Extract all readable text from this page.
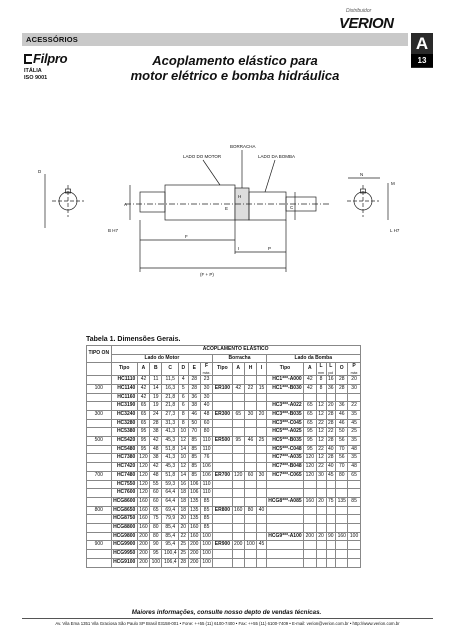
Distribuidor
VERION
ACESSÓRIOS	A
13
Filpro
ITÁLIA
ISO 9001
Acoplamento elástico para
motor elétrico e bomba hidráulica
BORRACHA
LADO DO MOTOR	LADO DA BOMBA
D
B H7
A
F
H
E	C
I	P
(F + P)
N
M
L H7
Tabela 1. Dimensões Gerais.
TIPO ON	ACOPLAMENTO ELÁSTICO																
	Lado do Motor							Borracha				Lado da Bomba					
	Tipo	A	B	C	D	E	F
máx.	Tipo	A	H	I	Tipo	A	L
mm	L
pol	O	P
máx

	HC1110	42	11	11,5	4	28	23					HC1***-A000	42	8	16	28	20
100	HC1140	42	14	16,3	5	28	30	ER100	42	22	15	HC1***-B030	42	8	36	28	30
	HC1160	42	19	21,8	6	36	30										
	HC3190	65	19	21,8	6	38	40					HC3***-A022	65	12	20	36	22
300	HC3240	65	24	27,3	8	46	48	ER300	65	30	20	HC3***-B035	65	12	28	46	35
	HC3280	65	28	31,3	8	50	60					HC3***-C045	65	22	28	46	45
	HC5380	95	38	41,3	10	70	80					HC5***-A025	95	12	22	50	25
500	HC5420	95	42	45,3	12	85	110	ER500	95	46	25	HC5***-B035	95	12	28	56	35
	HC5480	95	48	51,8	14	85	110					HC5***-C048	95	22	40	70	48
	HC7380	120	38	41,3	10	85	76					HC7***-A035	120	12	28	56	35
	HC7420	120	42	45,3	12	85	106					HC7***-B048	120	22	40	70	48
700	HC7480	120	48	51,8	14	85	106	ER700	120	60	30	HC7***-C065	120	30	45	80	65
	HC7550	120	55	59,3	16	106	110										
	HC7600	120	60	64,4	18	106	110										
	HCG8600	160	60	64,4	18	135	85					HCG8***-A085	160	20	75	135	85
800	HCG8650	160	65	69,4	18	135	85	ER800	160	80	40						
	HCG8750	160	75	79,9	20	135	85										
	HCG8800	160	80	85,4	20	160	85										
	HCG9800	200	80	85,4	22	160	100					HCG9***-A100	200	20	90	160	100
900	HCG9900	200	90	95,4	25	200	100	ER900	200	100	45						
	HCG9950	200	95	100,4	25	200	100										
	HCG9100	200	100	106,4	28	200	100										
Maiores informações, consulte nosso depto de vendas técnicas.
Av. Vila Ema 1351 Vila Graciosa São Paulo SP Brasil 03158-001 • Fone: ++55 (11) 6100-7400 • Fax: ++55 (11) 6100-7409 • E-mail: verion@verion.com.br • http://www.verion.com.br
